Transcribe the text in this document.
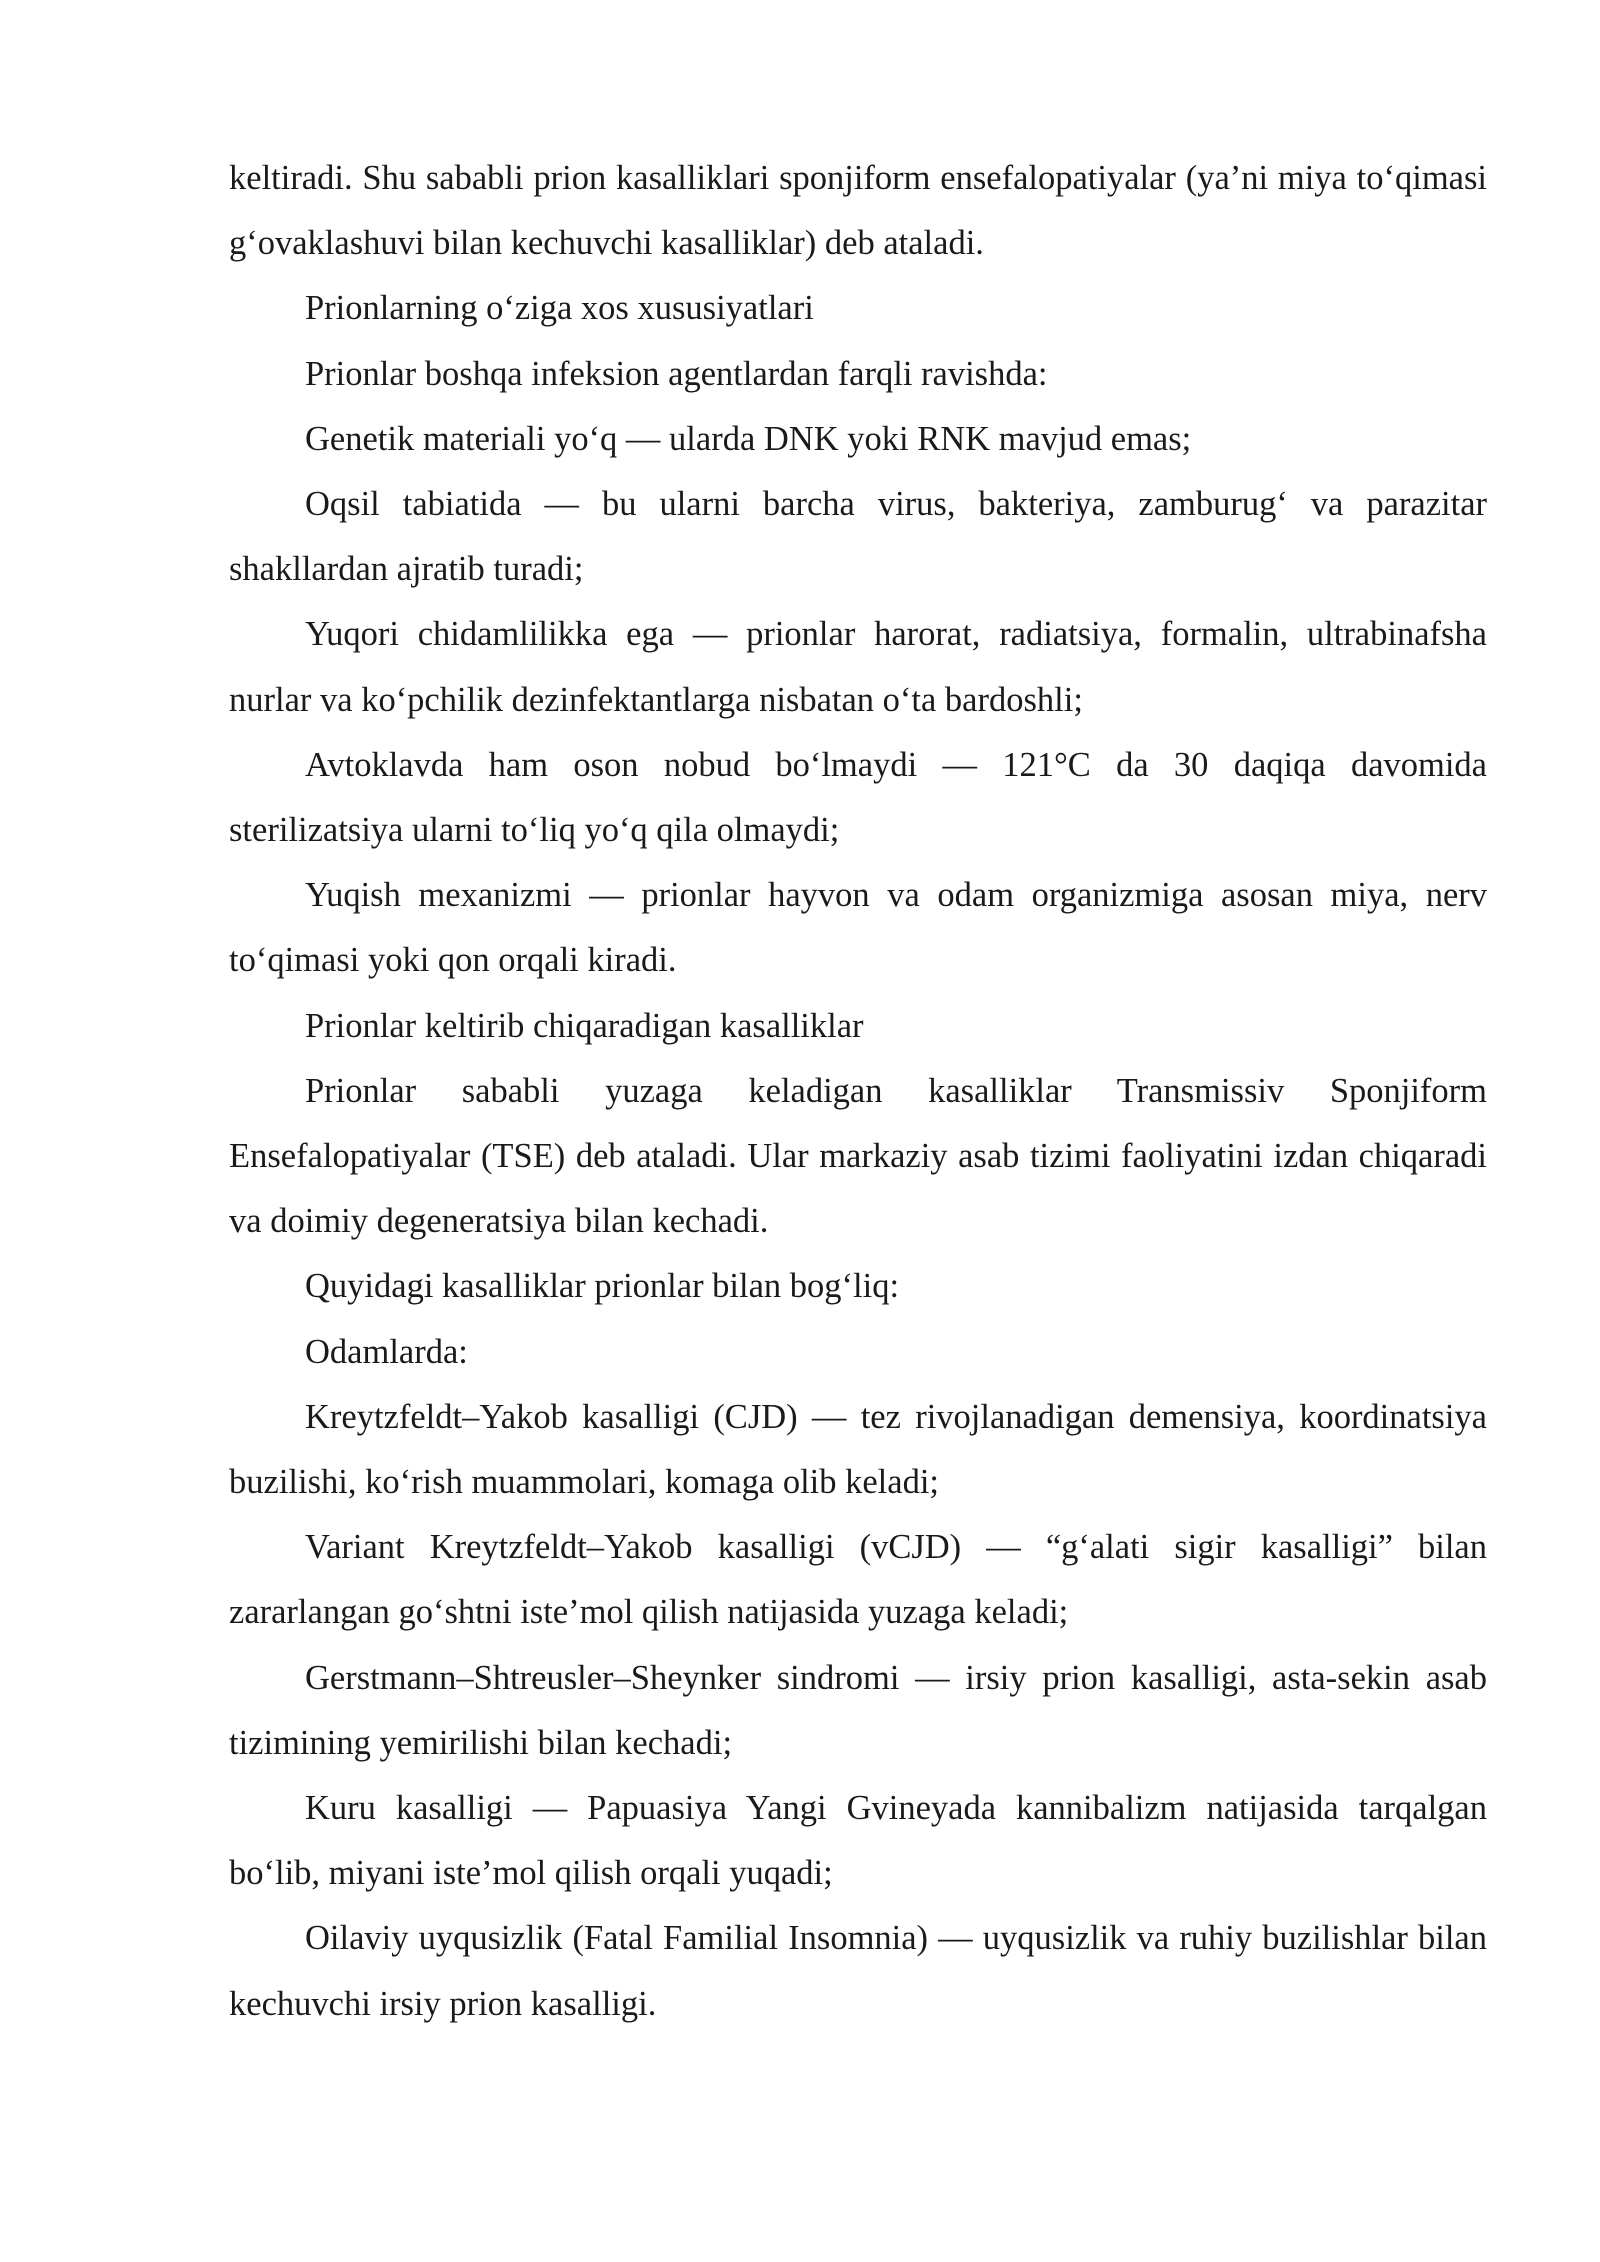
keltiradi. Shu sababli prion kasalliklari sponjiform ensefalopatiyalar (ya’ni miya to‘qimasi g‘ovaklashuvi bilan kechuvchi kasalliklar) deb ataladi.

Prionlarning o‘ziga xos xususiyatlari

Prionlar boshqa infeksion agentlardan farqli ravishda:

Genetik materiali yo‘q — ularda DNK yoki RNK mavjud emas;

Oqsil tabiatida — bu ularni barcha virus, bakteriya, zamburug‘ va parazitar shakllardan ajratib turadi;

Yuqori chidamlilikka ega — prionlar harorat, radiatsiya, formalin, ultrabinafsha nurlar va ko‘pchilik dezinfektantlarga nisbatan o‘ta bardoshli;

Avtoklavda ham oson nobud bo‘lmaydi — 121°C da 30 daqiqa davomida sterilizatsiya ularni to‘liq yo‘q qila olmaydi;

Yuqish mexanizmi — prionlar hayvon va odam organizmiga asosan miya, nerv to‘qimasi yoki qon orqali kiradi.

Prionlar keltirib chiqaradigan kasalliklar

Prionlar sababli yuzaga keladigan kasalliklar Transmissiv Sponjiform Ensefalopatiyalar (TSE) deb ataladi. Ular markaziy asab tizimi faoliyatini izdan chiqaradi va doimiy degeneratsiya bilan kechadi.

Quyidagi kasalliklar prionlar bilan bog‘liq:

Odamlarda:

Kreytzfeldt–Yakob kasalligi (CJD) — tez rivojlanadigan demensiya, koordinatsiya buzilishi, ko‘rish muammolari, komaga olib keladi;

Variant Kreytzfeldt–Yakob kasalligi (vCJD) — “g‘alati sigir kasalligi” bilan zararlangan go‘shtni iste’mol qilish natijasida yuzaga keladi;

Gerstmann–Shtreusler–Sheynker sindromi — irsiy prion kasalligi, asta-sekin asab tizimining yemirilishi bilan kechadi;

Kuru kasalligi — Papuasiya Yangi Gvineyada kannibalizm natijasida tarqalgan bo‘lib, miyani iste’mol qilish orqali yuqadi;

Oilaviy uyqusizlik (Fatal Familial Insomnia) — uyqusizlik va ruhiy buzilishlar bilan kechuvchi irsiy prion kasalligi.
